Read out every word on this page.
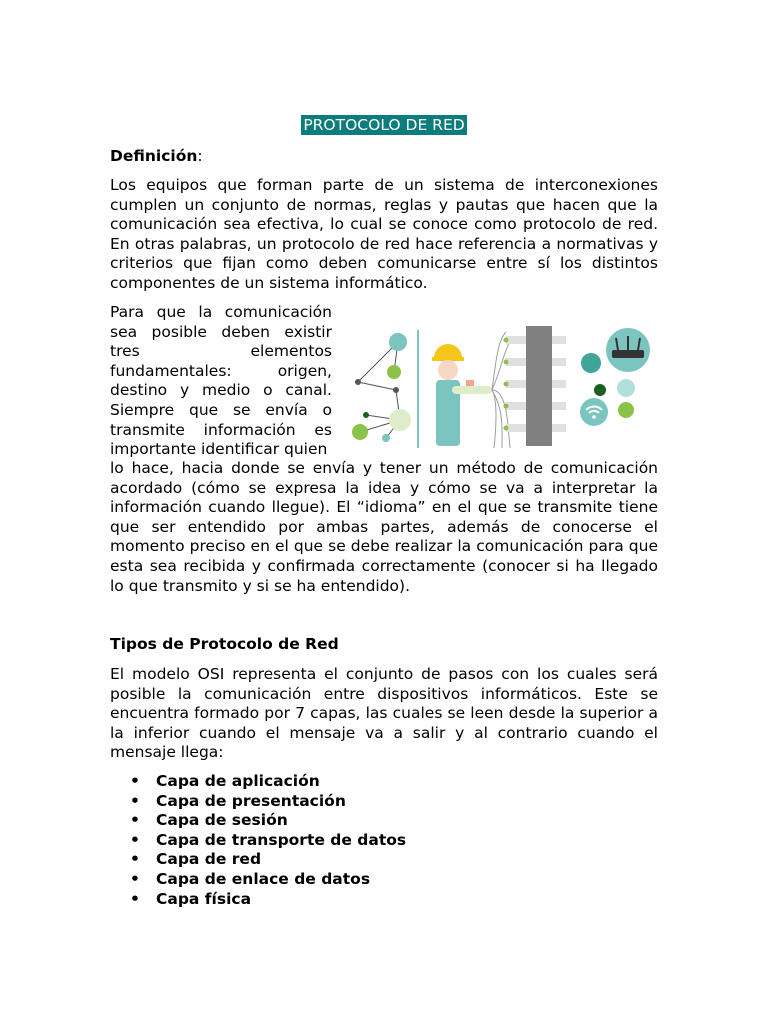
PROTOCOLO DE RED
Definición:

Los equipos que forman parte de un sistema de interconexiones cumplen un conjunto de normas, reglas y pautas que hacen que la comunicación sea efectiva, lo cual se conoce como protocolo de red. En otras palabras, un protocolo de red hace referencia a normativas y criterios que fijan como deben comunicarse entre sí los distintos componentes de un sistema informático.

Para que la comunicación sea posible deben existir tres elementos fundamentales: origen, destino y medio o canal. Siempre que se envía o transmite información es importante identificar quien

lo hace, hacia donde se envía y tener un método de comunicación acordado (cómo se expresa la idea y cómo se va a interpretar la información cuando llegue). El “idioma” en el que se transmite tiene que ser entendido por ambas partes, además de conocerse el momento preciso en el que se debe realizar la comunicación para que esta sea recibida y confirmada correctamente (conocer si ha llegado lo que transmito y si se ha entendido).

Tipos de Protocolo de Red

El modelo OSI representa el conjunto de pasos con los cuales será posible la comunicación entre dispositivos informáticos. Este se encuentra formado por 7 capas, las cuales se leen desde la superior a la inferior cuando el mensaje va a salir y al contrario cuando el mensaje llega:

• Capa de aplicación
• Capa de presentación
• Capa de sesión
• Capa de transporte de datos
• Capa de red
• Capa de enlace de datos
• Capa física
